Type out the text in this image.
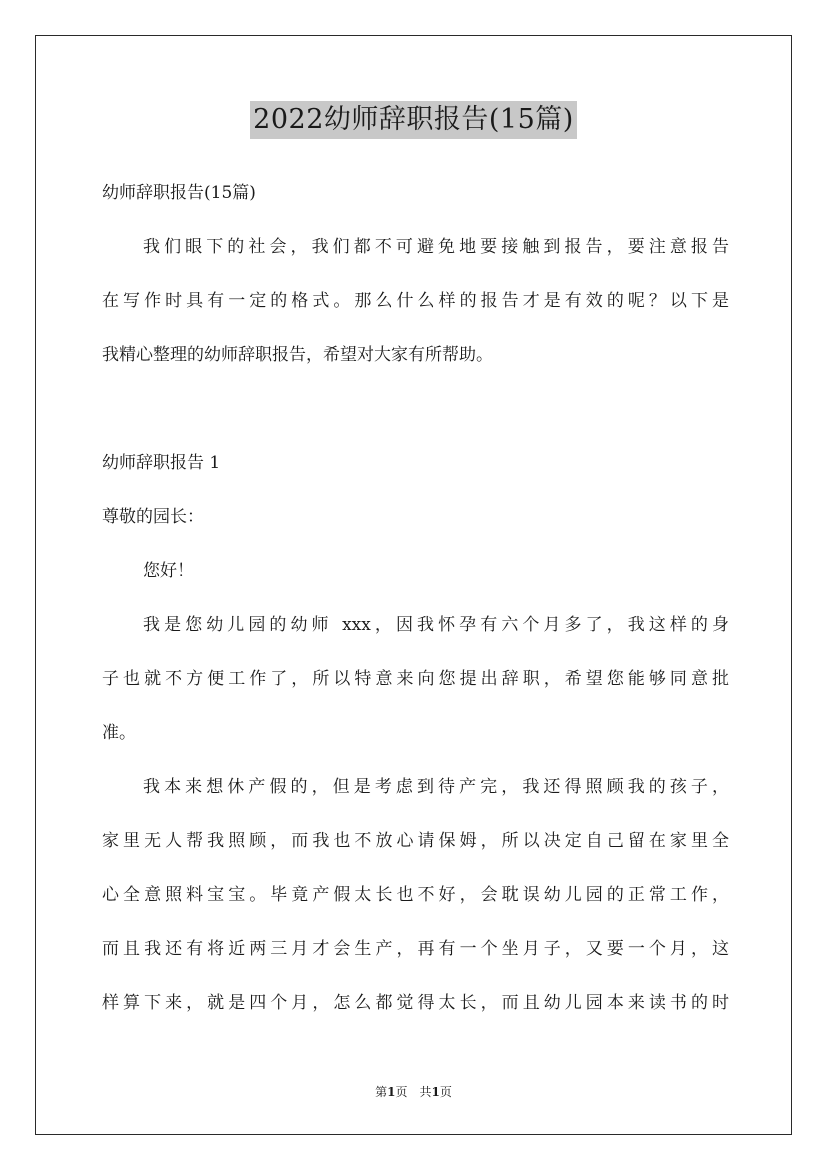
2022幼师辞职报告(15篇)
幼师辞职报告(15篇)
我们眼下的社会，我们都不可避免地要接触到报告，要注意报告
在写作时具有一定的格式。那么什么样的报告才是有效的呢？以下是
我精心整理的幼师辞职报告，希望对大家有所帮助。
幼师辞职报告 1
尊敬的园长：
您好！
我是您幼儿园的幼师 xxx，因我怀孕有六个月多了，我这样的身
子也就不方便工作了，所以特意来向您提出辞职，希望您能够同意批
准。
我本来想休产假的，但是考虑到待产完，我还得照顾我的孩子，
家里无人帮我照顾，而我也不放心请保姆，所以决定自己留在家里全
心全意照料宝宝。毕竟产假太长也不好，会耽误幼儿园的正常工作，
而且我还有将近两三月才会生产，再有一个坐月子，又要一个月，这
样算下来，就是四个月，怎么都觉得太长，而且幼儿园本来读书的时
第1页　共1页
